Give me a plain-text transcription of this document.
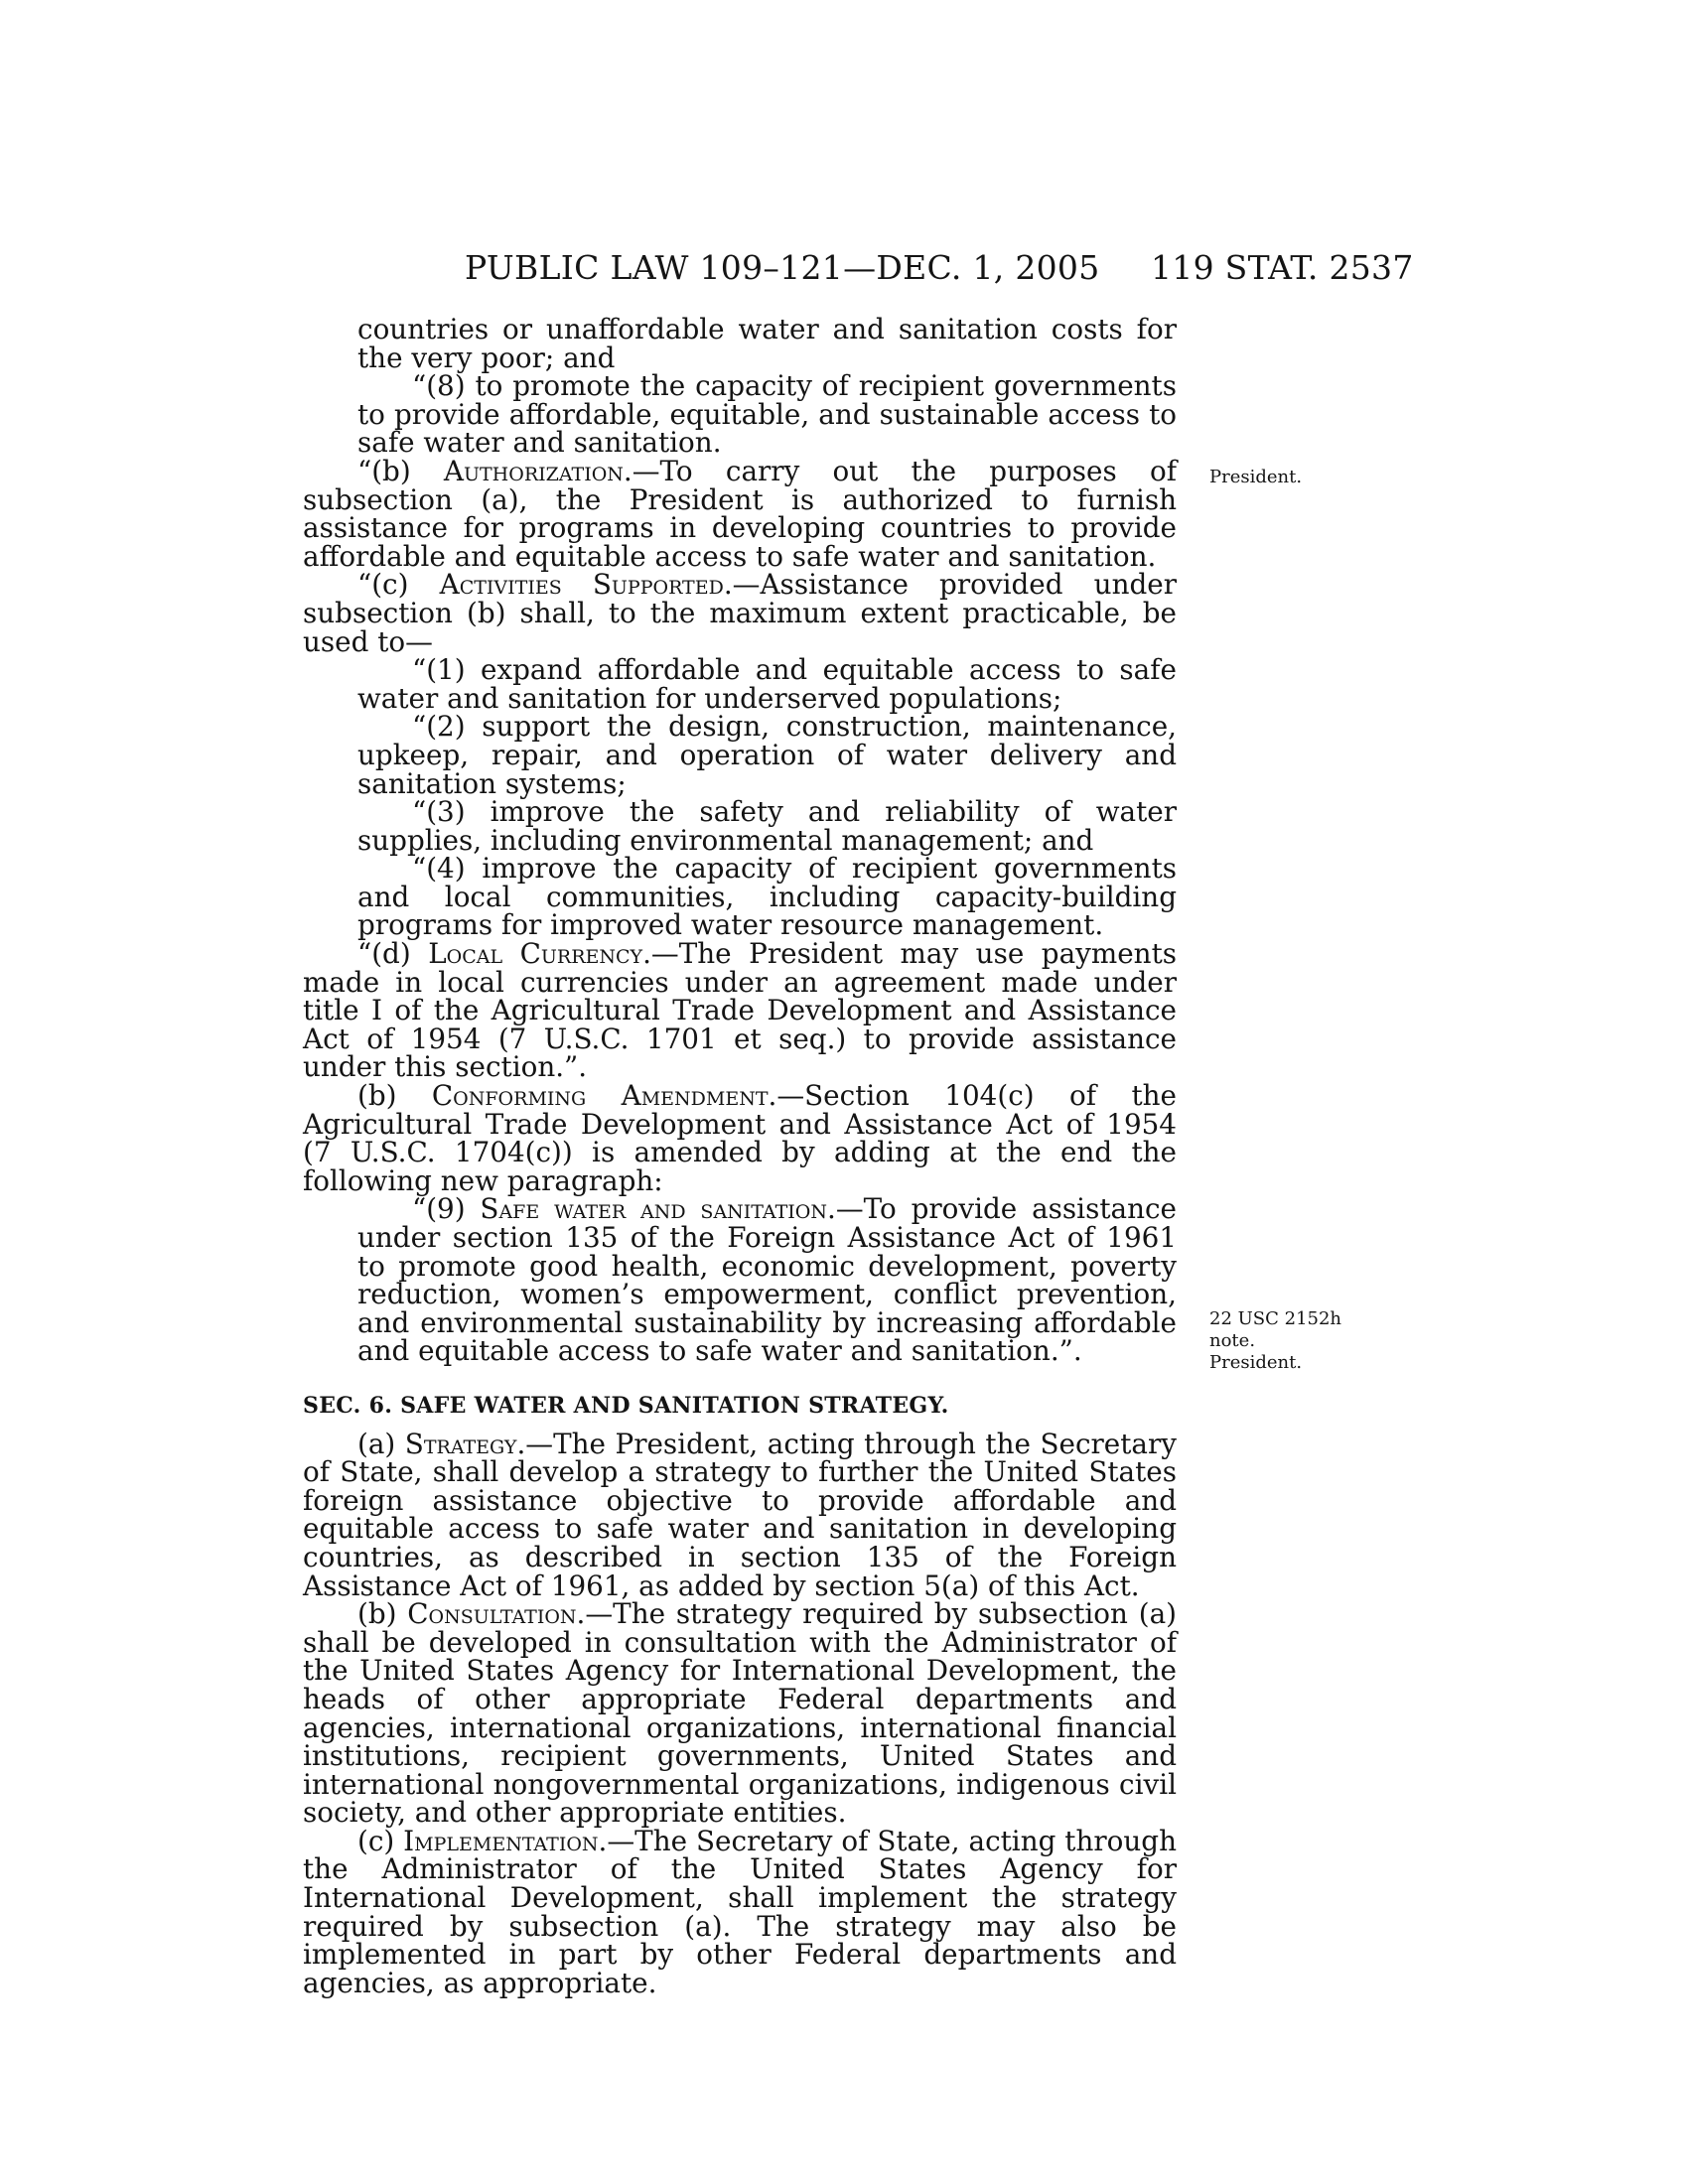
PUBLIC LAW 109–121—DEC. 1, 2005 119 STAT. 2537
President.
22 USC 2152h
note.
President.

countries or unaffordable water and sanitation costs for the very poor; and

“(8) to promote the capacity of recipient governments to provide affordable, equitable, and sustainable access to safe water and sanitation.

“(b) Authorization.—To carry out the purposes of subsection (a), the President is authorized to furnish assistance for programs in developing countries to provide affordable and equitable access to safe water and sanitation.

“(c) Activities Supported.—Assistance provided under subsection (b) shall, to the maximum extent practicable, be used to—

“(1) expand affordable and equitable access to safe water and sanitation for underserved populations;

“(2) support the design, construction, maintenance, upkeep, repair, and operation of water delivery and sanitation systems;

“(3) improve the safety and reliability of water supplies, including environmental management; and

“(4) improve the capacity of recipient governments and local communities, including capacity-building programs for improved water resource management.

“(d) Local Currency.—The President may use payments made in local currencies under an agreement made under title I of the Agricultural Trade Development and Assistance Act of 1954 (7 U.S.C. 1701 et seq.) to provide assistance under this section.”.

(b) Conforming Amendment.—Section 104(c) of the Agricultural Trade Development and Assistance Act of 1954 (7 U.S.C. 1704(c)) is amended by adding at the end the following new paragraph:

“(9) Safe water and sanitation.—To provide assistance under section 135 of the Foreign Assistance Act of 1961 to promote good health, economic development, poverty reduction, women’s empowerment, conflict prevention, and environmental sustainability by increasing affordable and equitable access to safe water and sanitation.”.

SEC. 6. SAFE WATER AND SANITATION STRATEGY.

(a) Strategy.—The President, acting through the Secretary of State, shall develop a strategy to further the United States foreign assistance objective to provide affordable and equitable access to safe water and sanitation in developing countries, as described in section 135 of the Foreign Assistance Act of 1961, as added by section 5(a) of this Act.

(b) Consultation.—The strategy required by subsection (a) shall be developed in consultation with the Administrator of the United States Agency for International Development, the heads of other appropriate Federal departments and agencies, international organizations, international financial institutions, recipient governments, United States and international nongovernmental organizations, indigenous civil society, and other appropriate entities.

(c) Implementation.—The Secretary of State, acting through the Administrator of the United States Agency for International Development, shall implement the strategy required by subsection (a). The strategy may also be implemented in part by other Federal departments and agencies, as appropriate.
